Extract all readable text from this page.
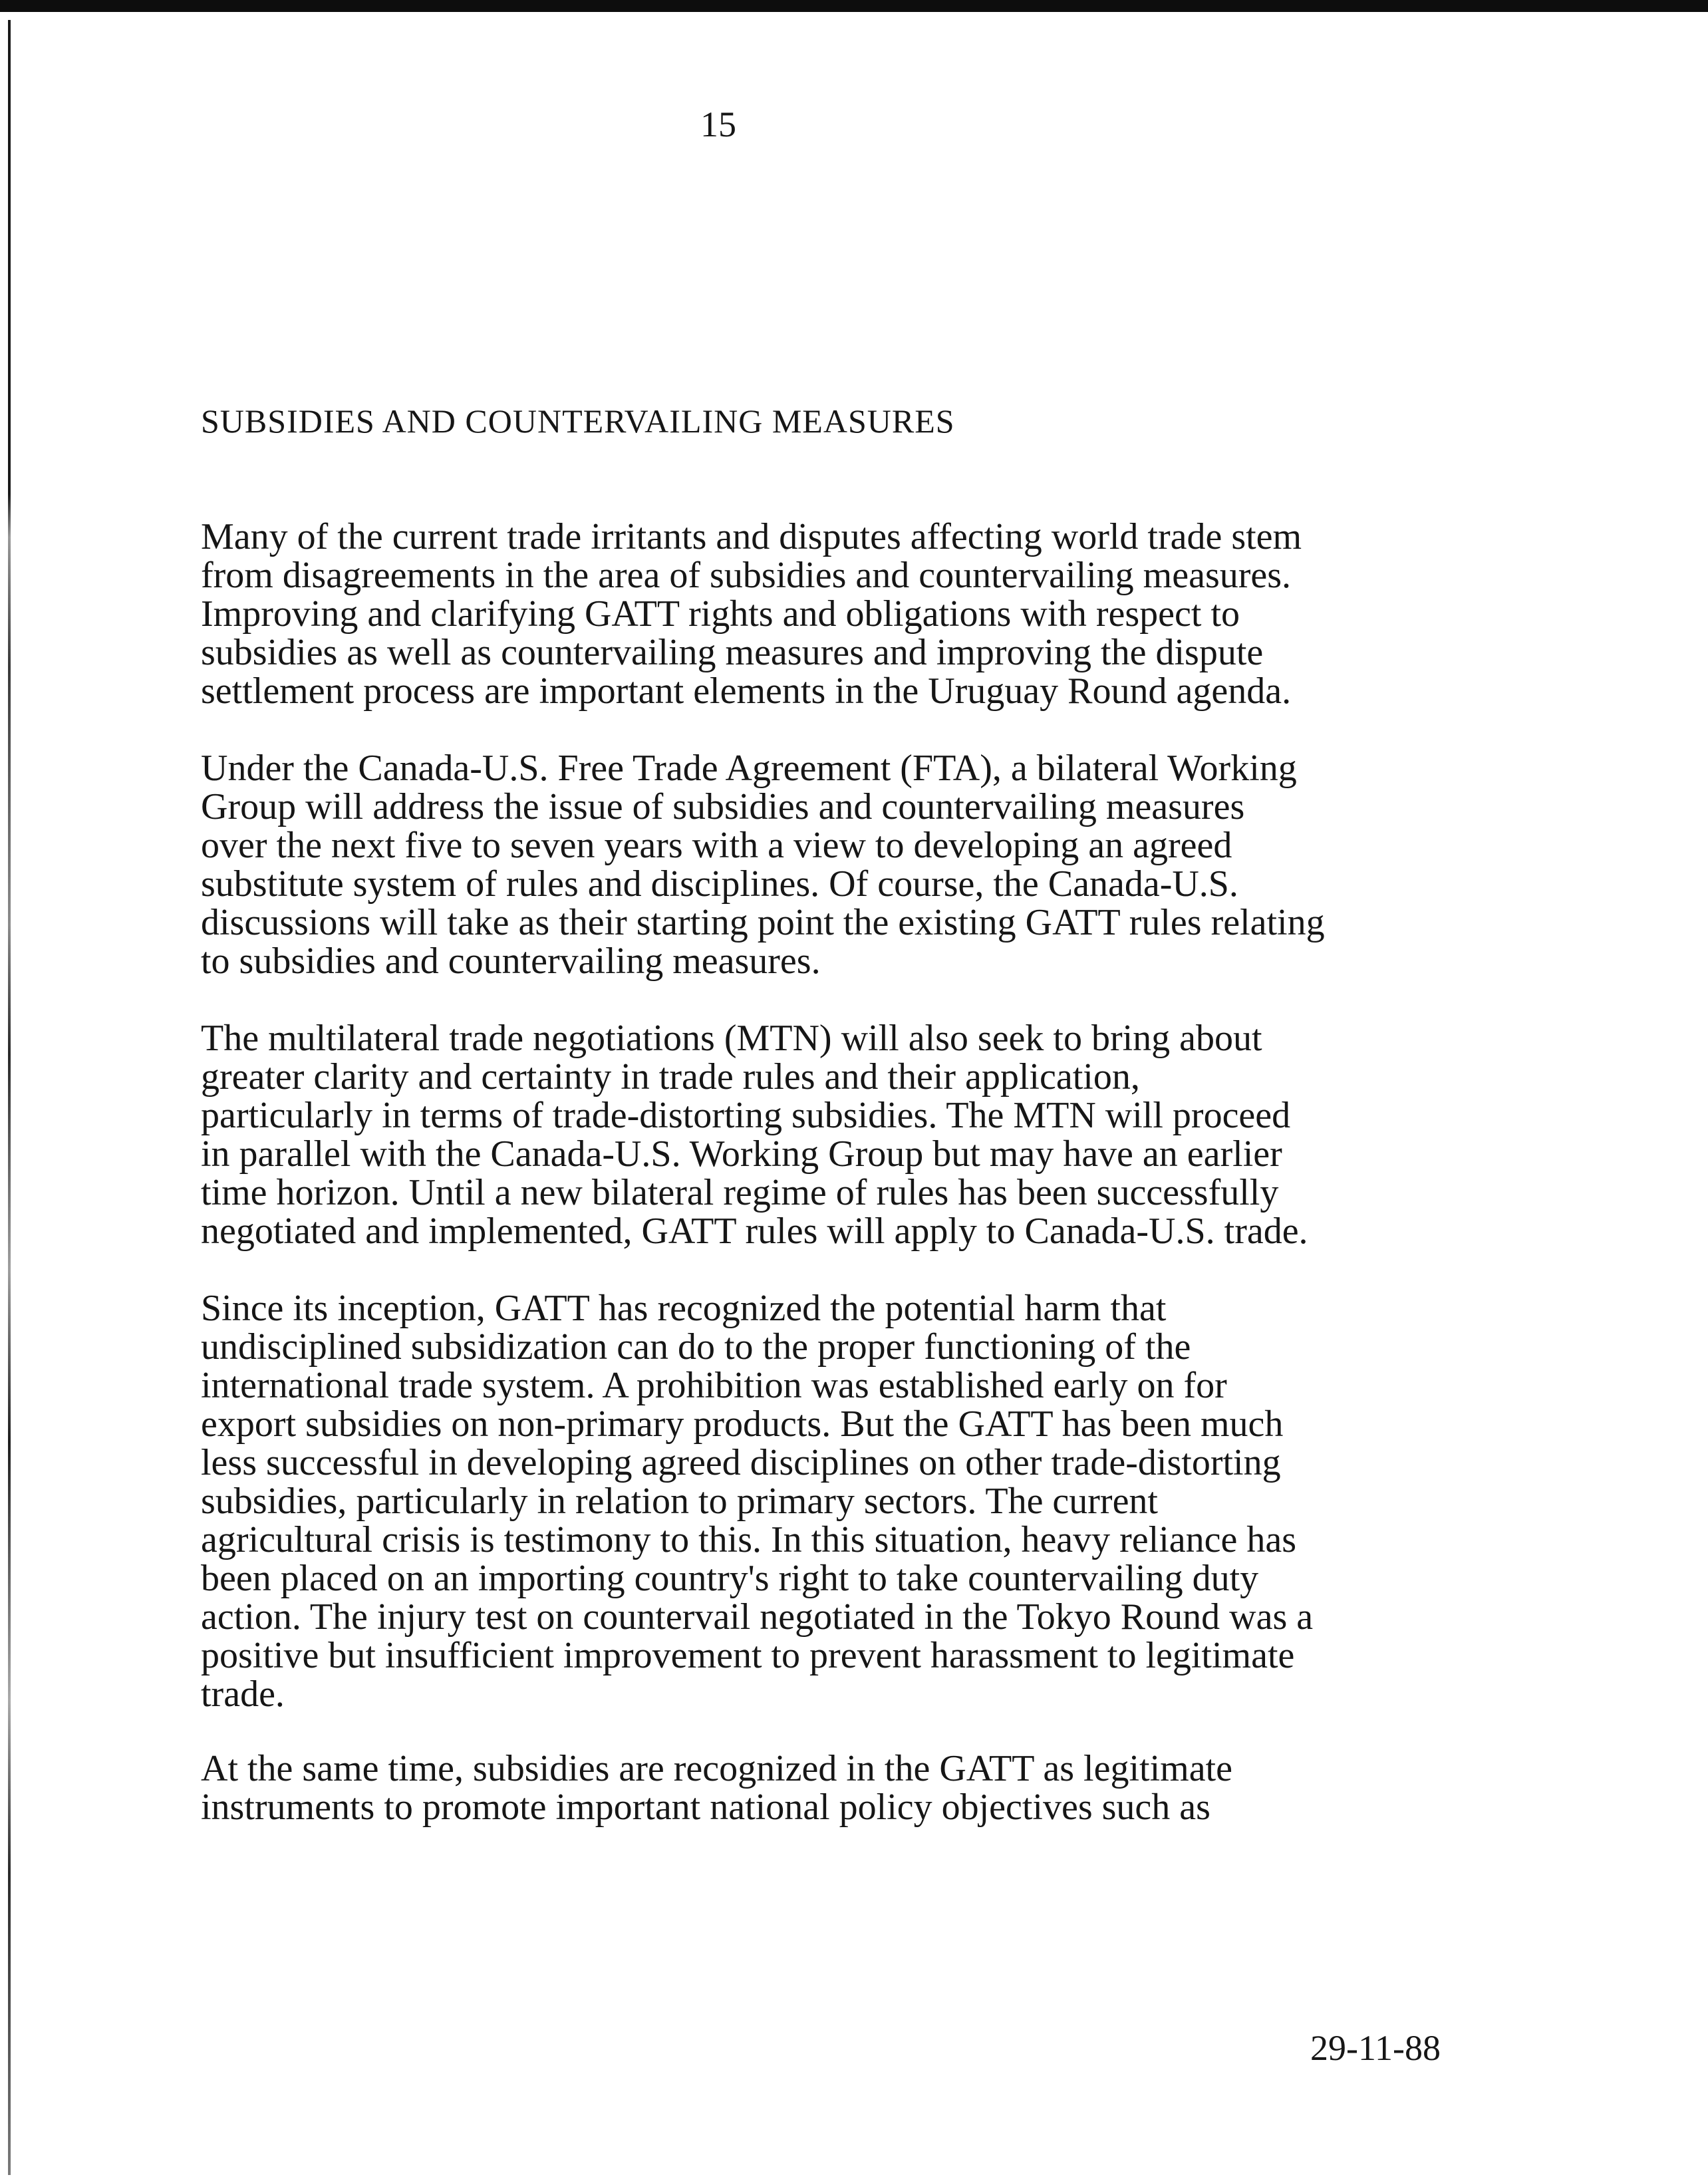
15
SUBSIDIES AND COUNTERVAILING MEASURES
Many of the current trade irritants and disputes affecting world trade stem
from disagreements in the area of subsidies and countervailing measures.
Improving and clarifying GATT rights and obligations with respect to
subsidies as well as countervailing measures and improving the dispute
settlement process are important elements in the Uruguay Round agenda.
Under the Canada-U.S. Free Trade Agreement (FTA), a bilateral Working
Group will address the issue of subsidies and countervailing measures
over the next five to seven years with a view to developing an agreed
substitute system of rules and disciplines. Of course, the Canada-U.S.
discussions will take as their starting point the existing GATT rules relating
to subsidies and countervailing measures.
The multilateral trade negotiations (MTN) will also seek to bring about
greater clarity and certainty in trade rules and their application,
particularly in terms of trade-distorting subsidies. The MTN will proceed
in parallel with the Canada-U.S. Working Group but may have an earlier
time horizon. Until a new bilateral regime of rules has been successfully
negotiated and implemented, GATT rules will apply to Canada-U.S. trade.
Since its inception, GATT has recognized the potential harm that
undisciplined subsidization can do to the proper functioning of the
international trade system. A prohibition was established early on for
export subsidies on non-primary products. But the GATT has been much
less successful in developing agreed disciplines on other trade-distorting
subsidies, particularly in relation to primary sectors. The current
agricultural crisis is testimony to this. In this situation, heavy reliance has
been placed on an importing country's right to take countervailing duty
action. The injury test on countervail negotiated in the Tokyo Round was a
positive but insufficient improvement to prevent harassment to legitimate
trade.
At the same time, subsidies are recognized in the GATT as legitimate
instruments to promote important national policy objectives such as
29-11-88
